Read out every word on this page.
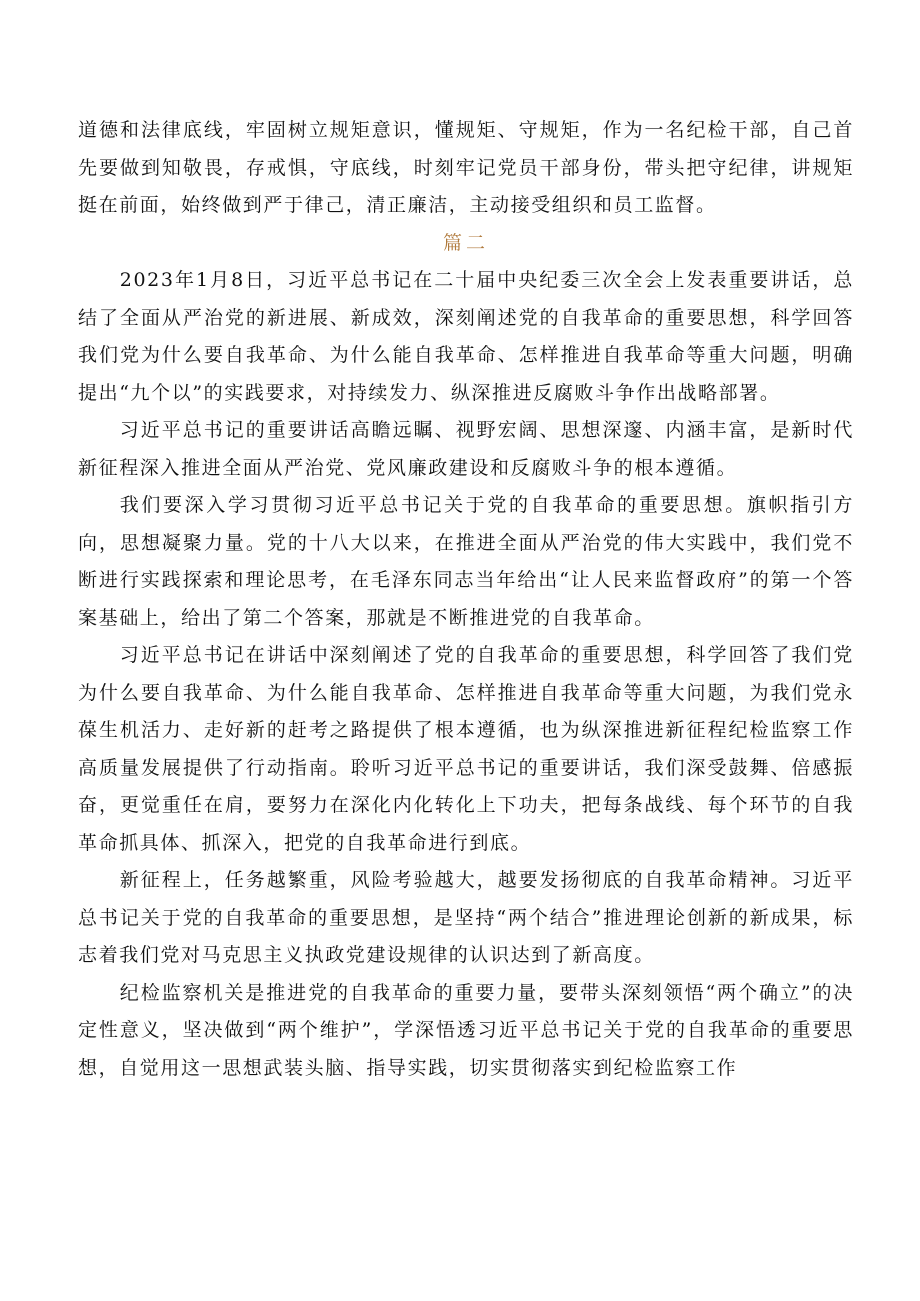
道德和法律底线，牢固树立规矩意识，懂规矩、守规矩，作为一名纪检干部，自己首先要做到知敬畏，存戒惧，守底线，时刻牢记党员干部身份，带头把守纪律，讲规矩挺在前面，始终做到严于律己，清正廉洁，主动接受组织和员工监督。

篇二

2023年1月8日，习近平总书记在二十届中央纪委三次全会上发表重要讲话，总结了全面从严治党的新进展、新成效，深刻阐述党的自我革命的重要思想，科学回答我们党为什么要自我革命、为什么能自我革命、怎样推进自我革命等重大问题，明确提出“九个以”的实践要求，对持续发力、纵深推进反腐败斗争作出战略部署。

习近平总书记的重要讲话高瞻远瞩、视野宏阔、思想深邃、内涵丰富，是新时代新征程深入推进全面从严治党、党风廉政建设和反腐败斗争的根本遵循。

我们要深入学习贯彻习近平总书记关于党的自我革命的重要思想。旗帜指引方向，思想凝聚力量。党的十八大以来，在推进全面从严治党的伟大实践中，我们党不断进行实践探索和理论思考，在毛泽东同志当年给出“让人民来监督政府”的第一个答案基础上，给出了第二个答案，那就是不断推进党的自我革命。

习近平总书记在讲话中深刻阐述了党的自我革命的重要思想，科学回答了我们党为什么要自我革命、为什么能自我革命、怎样推进自我革命等重大问题，为我们党永葆生机活力、走好新的赶考之路提供了根本遵循，也为纵深推进新征程纪检监察工作高质量发展提供了行动指南。聆听习近平总书记的重要讲话，我们深受鼓舞、倍感振奋，更觉重任在肩，要努力在深化内化转化上下功夫，把每条战线、每个环节的自我革命抓具体、抓深入，把党的自我革命进行到底。

新征程上，任务越繁重，风险考验越大，越要发扬彻底的自我革命精神。习近平总书记关于党的自我革命的重要思想，是坚持“两个结合”推进理论创新的新成果，标志着我们党对马克思主义执政党建设规律的认识达到了新高度。

纪检监察机关是推进党的自我革命的重要力量，要带头深刻领悟“两个确立”的决定性意义，坚决做到“两个维护”，学深悟透习近平总书记关于党的自我革命的重要思想，自觉用这一思想武装头脑、指导实践，切实贯彻落实到纪检监察工作
